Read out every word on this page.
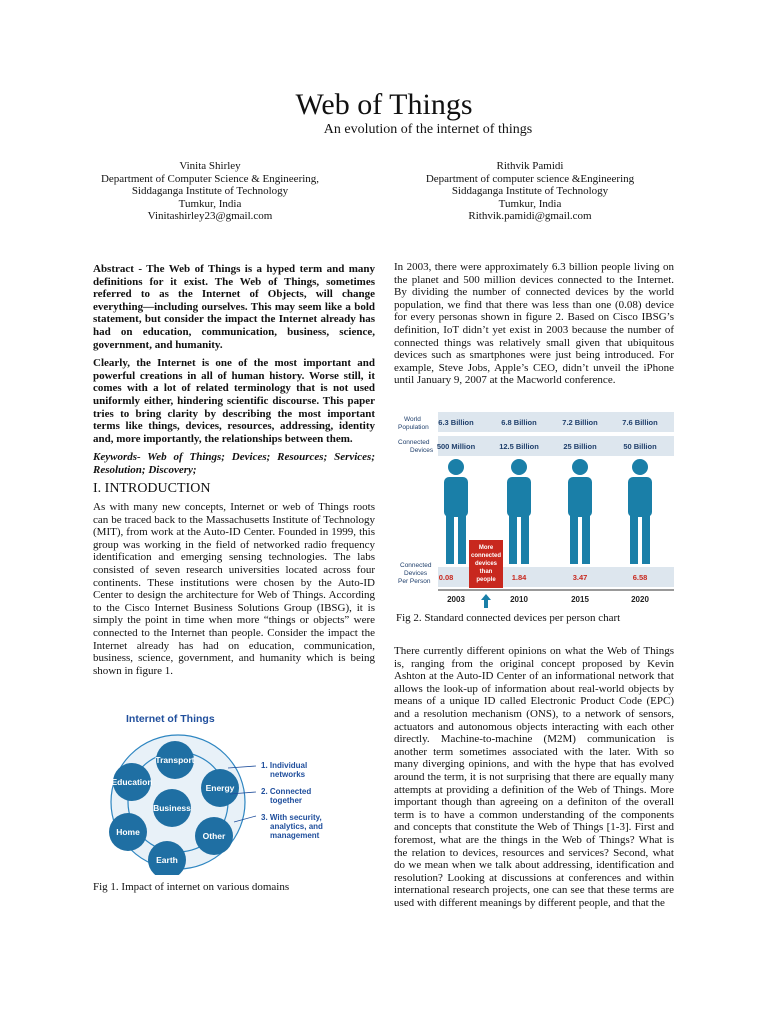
Web of Things
An evolution of the internet of things
Vinita Shirley
Department of Computer Science & Engineering,
Siddaganga Institute of Technology
Tumkur, India
Vinitashirley23@gmail.com
Rithvik Pamidi
Department of computer science &Engineering
Siddaganga Institute of Technology
Tumkur, India
Rithvik.pamidi@gmail.com

Abstract - The Web of Things is a hyped term and many definitions for it exist. The Web of Things, sometimes referred to as the Internet of Objects, will change everything—including ourselves. This may seem like a bold statement, but consider the impact the Internet already has had on education, communication, business, science, government, and humanity.

Clearly, the Internet is one of the most important and powerful creations in all of human history. Worse still, it comes with a lot of related terminology that is not used uniformly either, hindering scientific discourse. This paper tries to bring clarity by describing the most important terms like things, devices, resources, addressing, identity and, more importantly, the relationships between them.

Keywords- Web of Things; Devices; Resources; Services; Resolution; Discovery;

I. INTRODUCTION

As with many new concepts, Internet or web of Things roots can be traced back to the Massachusetts Institute of Technology (MIT), from work at the Auto-ID Center. Founded in 1999, this group was working in the field of networked radio frequency identification and emerging sensing technologies. The labs consisted of seven research universities located across four continents. These institutions were chosen by the Auto-ID Center to design the architecture for Web of Things. According to the Cisco Internet Business Solutions Group (IBSG), it is simply the point in time when more “things or objects” were connected to the Internet than people. Consider the impact the Internet already has had on education, communication, business, science, government, and humanity which is being shown in figure 1.

Internet of Things
Transport
Education
Energy
Business
Home	Other
Earth
1. Individual networks
2. Connected together
3. With security, analytics, and management
Fig 1. Impact of internet on various domains

In 2003, there were approximately 6.3 billion people living on the planet and 500 million devices connected to the Internet. By dividing the number of connected devices by the world population, we find that there was less than one (0.08) device for every personas shown in figure 2. Based on Cisco IBSG’s definition, IoT didn’t yet exist in 2003 because the number of connected things was relatively small given that ubiquitous devices such as smartphones were just being introduced. For example, Steve Jobs, Apple’s CEO, didn’t unveil the iPhone until January 9, 2007 at the Macworld conference.

World Population
Connected Devices
Connected Devices Per Person
6.3 Billion
500 Million
0.08
2003
6.8 Billion
12.5 Billion
1.84
2010
7.2 Billion
25 Billion
3.47
2015
7.6 Billion
50 Billion
6.58
2020
More connected devices than people
Fig 2. Standard connected devices per person chart

There currently different opinions on what the Web of Things is, ranging from the original concept proposed by Kevin Ashton at the Auto-ID Center of an informational network that allows the look-up of information about real-world objects by means of a unique ID called Electronic Product Code (EPC) and a resolution mechanism (ONS), to a network of sensors, actuators and autonomous objects interacting with each other directly. Machine-to-machine (M2M) communication is another term sometimes associated with the later. With so many diverging opinions, and with the hype that has evolved around the term, it is not surprising that there are equally many attempts at providing a definition of the Web of Things. More important though than agreeing on a definiton of the overall term is to have a common understanding of the components and concepts that constitute the Web of Things [1-3]. First and foremost, what are the things in the Web of Things? What is the relation to devices, resources and services? Second, what do we mean when we talk about addressing, identification and resolution? Looking at discussions at conferences and within international research projects, one can see that these terms are used with different meanings by different people, and that the
